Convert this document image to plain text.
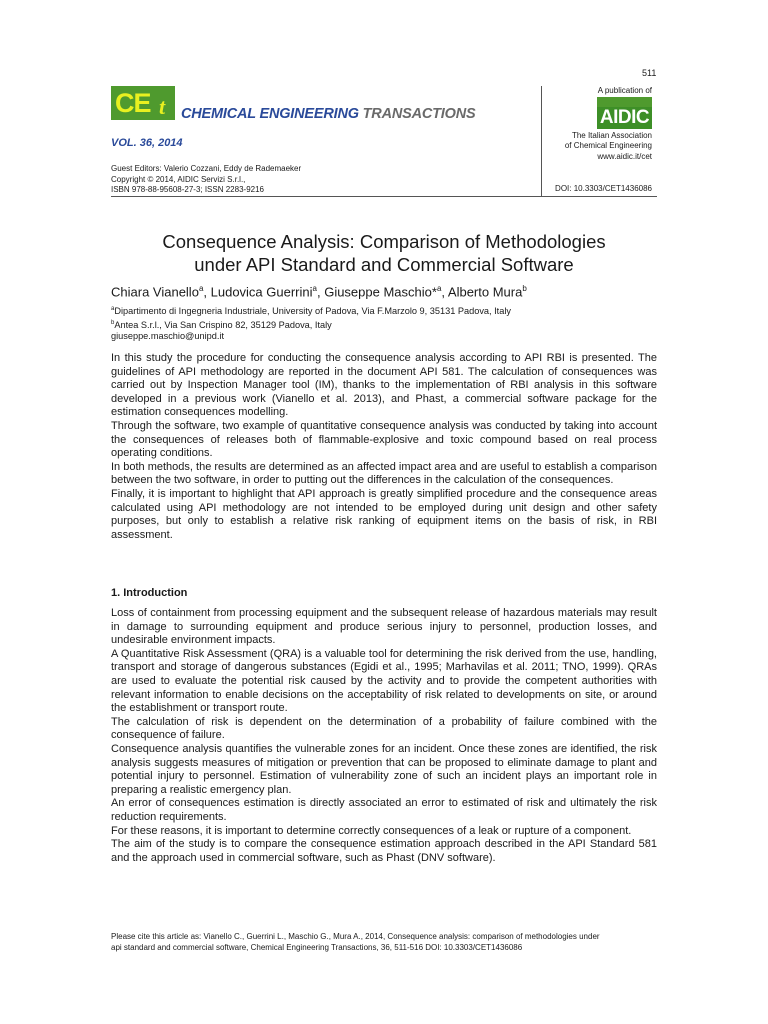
511
CE t CHEMICAL ENGINEERING TRANSACTIONS
VOL. 36, 2014
Guest Editors: Valerio Cozzani, Eddy de Rademaeker
Copyright © 2014, AIDIC Servizi S.r.l.,
ISBN 978-88-95608-27-3; ISSN 2283-9216
A publication of
AIDIC
The Italian Association
of Chemical Engineering
www.aidic.it/cet
DOI: 10.3303/CET1436086
Consequence Analysis: Comparison of Methodologies
under API Standard and Commercial Software
Chiara Vianello$^a$, Ludovica Guerrini$^a$, Giuseppe Maschio*$^a$, Alberto Mura$^b$
$^a$Dipartimento di Ingegneria Industriale, University of Padova, Via F.Marzolo 9, 35131 Padova, Italy
$^b$Antea S.r.l., Via San Crispino 82, 35129 Padova, Italy
giuseppe.maschio@unipd.it

In this study the procedure for conducting the consequence analysis according to API RBI is presented. The guidelines of API methodology are reported in the document API 581. The calculation of consequences was carried out by Inspection Manager tool (IM), thanks to the implementation of RBI analysis in this software developed in a previous work (Vianello et al. 2013), and Phast, a commercial software package for the estimation consequences modelling.

Through the software, two example of quantitative consequence analysis was conducted by taking into account the consequences of releases both of flammable-explosive and toxic compound based on real process operating conditions.

In both methods, the results are determined as an affected impact area and are useful to establish a comparison between the two software, in order to putting out the differences in the calculation of the consequences.

Finally, it is important to highlight that API approach is greatly simplified procedure and the consequence areas calculated using API methodology are not intended to be employed during unit design and other safety purposes, but only to establish a relative risk ranking of equipment items on the basis of risk, in RBI assessment.

1. Introduction

Loss of containment from processing equipment and the subsequent release of hazardous materials may result in damage to surrounding equipment and produce serious injury to personnel, production losses, and undesirable environment impacts.

A Quantitative Risk Assessment (QRA) is a valuable tool for determining the risk derived from the use, handling, transport and storage of dangerous substances (Egidi et al., 1995; Marhavilas et al. 2011; TNO, 1999). QRAs are used to evaluate the potential risk caused by the activity and to provide the competent authorities with relevant information to enable decisions on the acceptability of risk related to developments on site, or around the establishment or transport route.

The calculation of risk is dependent on the determination of a probability of failure combined with the consequence of failure.

Consequence analysis quantifies the vulnerable zones for an incident. Once these zones are identified, the risk analysis suggests measures of mitigation or prevention that can be proposed to eliminate damage to plant and potential injury to personnel. Estimation of vulnerability zone of such an incident plays an important role in preparing a realistic emergency plan.

An error of consequences estimation is directly associated an error to estimated of risk and ultimately the risk reduction requirements.

For these reasons, it is important to determine correctly consequences of a leak or rupture of a component.

The aim of the study is to compare the consequence estimation approach described in the API Standard 581 and the approach used in commercial software, such as Phast (DNV software).

Please cite this article as: Vianello C., Guerrini L., Maschio G., Mura A., 2014, Consequence analysis: comparison of methodologies under
api standard and commercial software, Chemical Engineering Transactions, 36, 511-516 DOI: 10.3303/CET1436086
